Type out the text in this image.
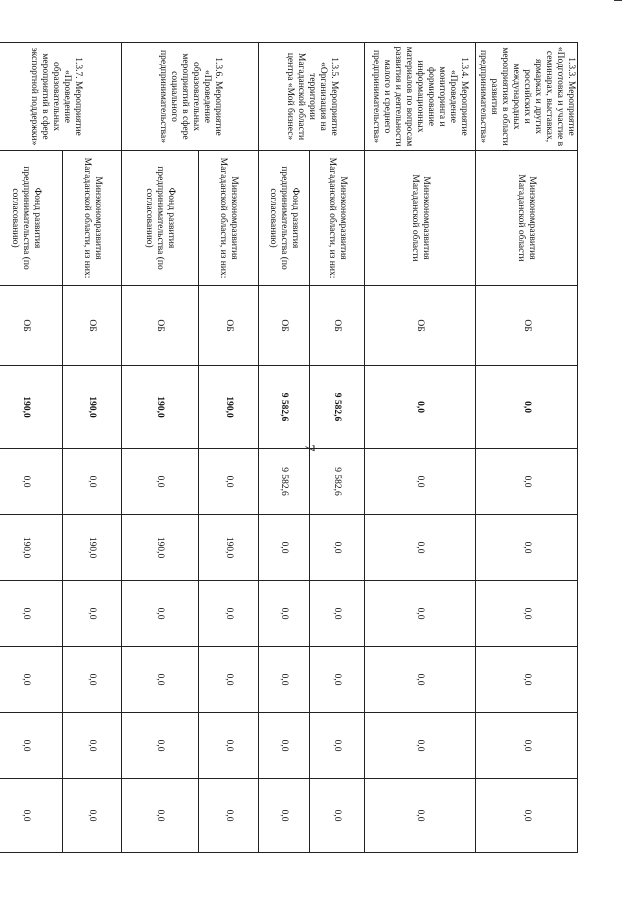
7
1.3.3. Мероприятие «Подготовка и участие в семинарах, выставках, ярмарках и других российских и международных мероприятиях в области развития предпринимательства»	Минэкономразвития Магаданской области	ОБ	0,0	0,0	0,0	0,0	0,0	0,0	0,0
1.3.4. Мероприятие «Проведение мониторинга и формирование информационных материалов по вопросам развития и деятельности малого и среднего предпринимательства»	Минэкономразвития Магаданской области	ОБ	0,0	0,0	0,0	0,0	0,0	0,0	0,0
1.3.5. Мероприятие «Организация на территории Магаданской области центра «Мой бизнес»	Минэкономразвития Магаданской области, из них:	ОБ	9 582,6	9 582,6	0,0	0,0	0,0	0,0	0,0
	Фонд развития предпринимательства (по согласованию)	ОБ	9 582,6	9 582,6	0,0	0,0	0,0	0,0	0,0
1.3.6. Мероприятие «Проведение образовательных мероприятий в сфере социального предпринимательства»	Минэкономразвития Магаданской области, из них:	ОБ	190,0	0,0	190,0	0,0	0,0	0,0	0,0
	Фонд развития предпринимательства (по согласованию)	ОБ	190,0	0,0	190,0	0,0	0,0	0,0	0,0
1.3.7. Мероприятие «Проведение образовательных мероприятий в сфере экспортной поддержки»	Минэкономразвития Магаданской области, из них:	ОБ	190,0	0,0	190,0	0,0	0,0	0,0	0,0
	Фонд развития предпринимательства (по согласованию)	ОБ	190,0	0,0	190,0	0,0	0,0	0,0	0,0
